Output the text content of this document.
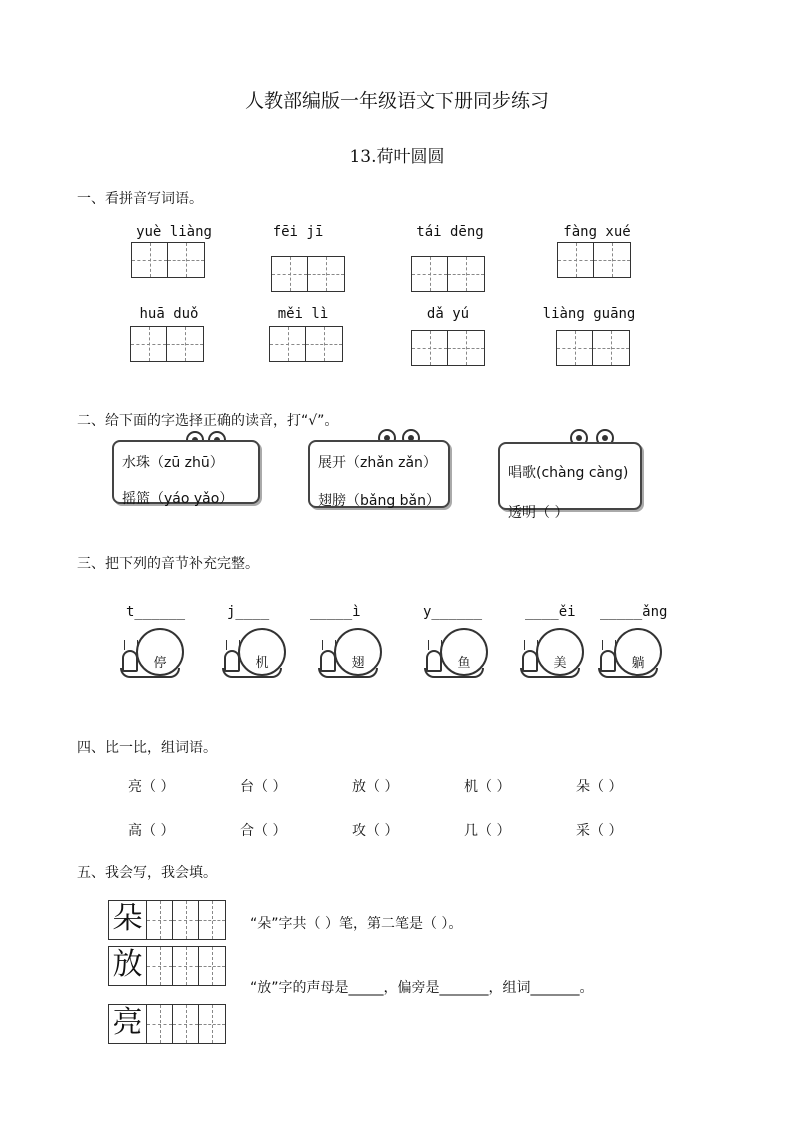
人教部编版一年级语文下册同步练习
13.荷叶圆圆
一、看拼音写词语。
yuè liàng	fēi jī	tái dēng	fàng xué
huā duǒ	měi lì	dǎ yú	liàng guāng
二、给下面的字选择正确的读音，打“√”。
水珠（zū zhū）
摇篮（yáo yǎo）
展开（zhǎn zǎn）
翅膀（bǎng bǎn）
唱歌(chàng càng)
透明（ ）
三、把下列的音节补充完整。
t______	j____	_____ì	y______	____ěi _____ǎng
停	机	翅	鱼	美	躺
四、比一比，组词语。
亮（ ）	台（ ）	放（ ）	机（ ）	朵（ ）
高（ ）	合（ ）	攻（ ）	几（ ）	采（ ）
五、我会写，我会填。
朵
放
亮
“朵”字共（ ）笔，第二笔是（ ）。
“放”字的声母是_____，偏旁是_______，组词_______。
